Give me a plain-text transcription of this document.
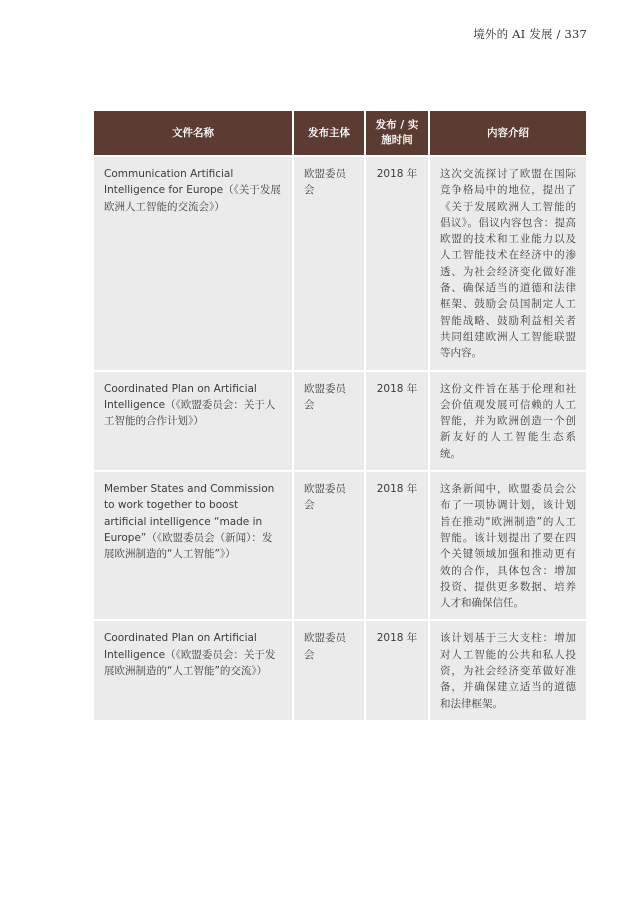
境外的 AI 发展 / 337
文件名称	发布主体	发布 / 实施时间	内容介绍
Communication Artificial Intelligence for Europe（《关于发展欧洲人工智能的交流会》）	欧盟委员会	2018 年	这次交流探讨了欧盟在国际竞争格局中的地位，提出了《关于发展欧洲人工智能的倡议》。倡议内容包含：提高欧盟的技术和工业能力以及人工智能技术在经济中的渗透、为社会经济变化做好准备、确保适当的道德和法律框架、鼓励会员国制定人工智能战略、鼓励利益相关者共同组建欧洲人工智能联盟等内容。
Coordinated Plan on Artificial Intelligence（《欧盟委员会：关于人工智能的合作计划》）	欧盟委员会	2018 年	这份文件旨在基于伦理和社会价值观发展可信赖的人工智能，并为欧洲创造一个创新友好的人工智能生态系统。
Member States and Commission to work together to boost artificial intelligence “made in Europe”（《欧盟委员会（新闻）：发展欧洲制造的“人工智能”》）	欧盟委员会	2018 年	这条新闻中，欧盟委员会公布了一项协调计划，该计划旨在推动“欧洲制造”的人工智能。该计划提出了要在四个关键领域加强和推动更有效的合作，具体包含：增加投资、提供更多数据、培养人才和确保信任。
Coordinated Plan on Artificial Intelligence（《欧盟委员会：关于发展欧洲制造的“人工智能”的交流》）	欧盟委员会	2018 年	该计划基于三大支柱：增加对人工智能的公共和私人投资，为社会经济变革做好准备，并确保建立适当的道德和法律框架。
